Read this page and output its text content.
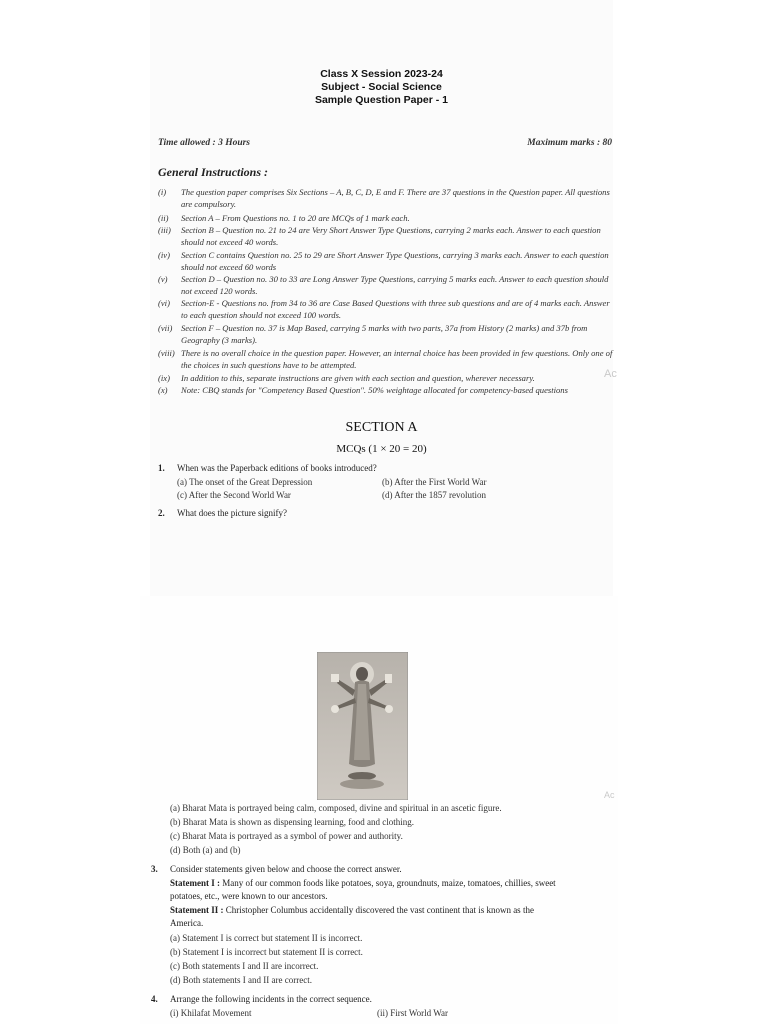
Class X Session 2023-24
Subject - Social Science
Sample Question Paper - 1
Time allowed : 3 Hours	Maximum marks : 80
General Instructions :
(i) The question paper comprises Six Sections – A, B, C, D, E and F. There are 37 questions in the Question paper. All questions are compulsory.
(ii) Section A – From Questions no. 1 to 20 are MCQs of 1 mark each.
(iii) Section B – Question no. 21 to 24 are Very Short Answer Type Questions, carrying 2 marks each. Answer to each question should not exceed 40 words.
(iv) Section C contains Question no. 25 to 29 are Short Answer Type Questions, carrying 3 marks each. Answer to each question should not exceed 60 words
(v) Section D – Question no. 30 to 33 are Long Answer Type Questions, carrying 5 marks each. Answer to each question should not exceed 120 words.
(vi) Section-E - Questions no. from 34 to 36 are Case Based Questions with three sub questions and are of 4 marks each. Answer to each question should not exceed 100 words.
(vii) Section F – Question no. 37 is Map Based, carrying 5 marks with two parts, 37a from History (2 marks) and 37b from Geography (3 marks).
(viii) There is no overall choice in the question paper. However, an internal choice has been provided in few questions. Only one of the choices in such questions have to be attempted.
(ix) In addition to this, separate instructions are given with each section and question, wherever necessary.
(x) Note: CBQ stands for "Competency Based Question". 50% weightage allocated for competency-based questions
Ac
SECTION A
MCQs (1 × 20 = 20)
1. When was the Paperback editions of books introduced?
(a) The onset of the Great Depression	(b) After the First World War
(c) After the Second World War	(d) After the 1857 revolution
2. What does the picture signify?
Ac
(a) Bharat Mata is portrayed being calm, composed, divine and spiritual in an ascetic figure.
(b) Bharat Mata is shown as dispensing learning, food and clothing.
(c) Bharat Mata is portrayed as a symbol of power and authority.
(d) Both (a) and (b)
3. Consider statements given below and choose the correct answer.
Statement I : Many of our common foods like potatoes, soya, groundnuts, maize, tomatoes, chillies, sweet
potatoes, etc., were known to our ancestors.
Statement II : Christopher Columbus accidentally discovered the vast continent that is known as the
America.
(a) Statement I is correct but statement II is incorrect.
(b) Statement I is incorrect but statement II is correct.
(c) Both statements I and II are incorrect.
(d) Both statements I and II are correct.
4. Arrange the following incidents in the correct sequence.
(i) Khilafat Movement	(ii) First World War
